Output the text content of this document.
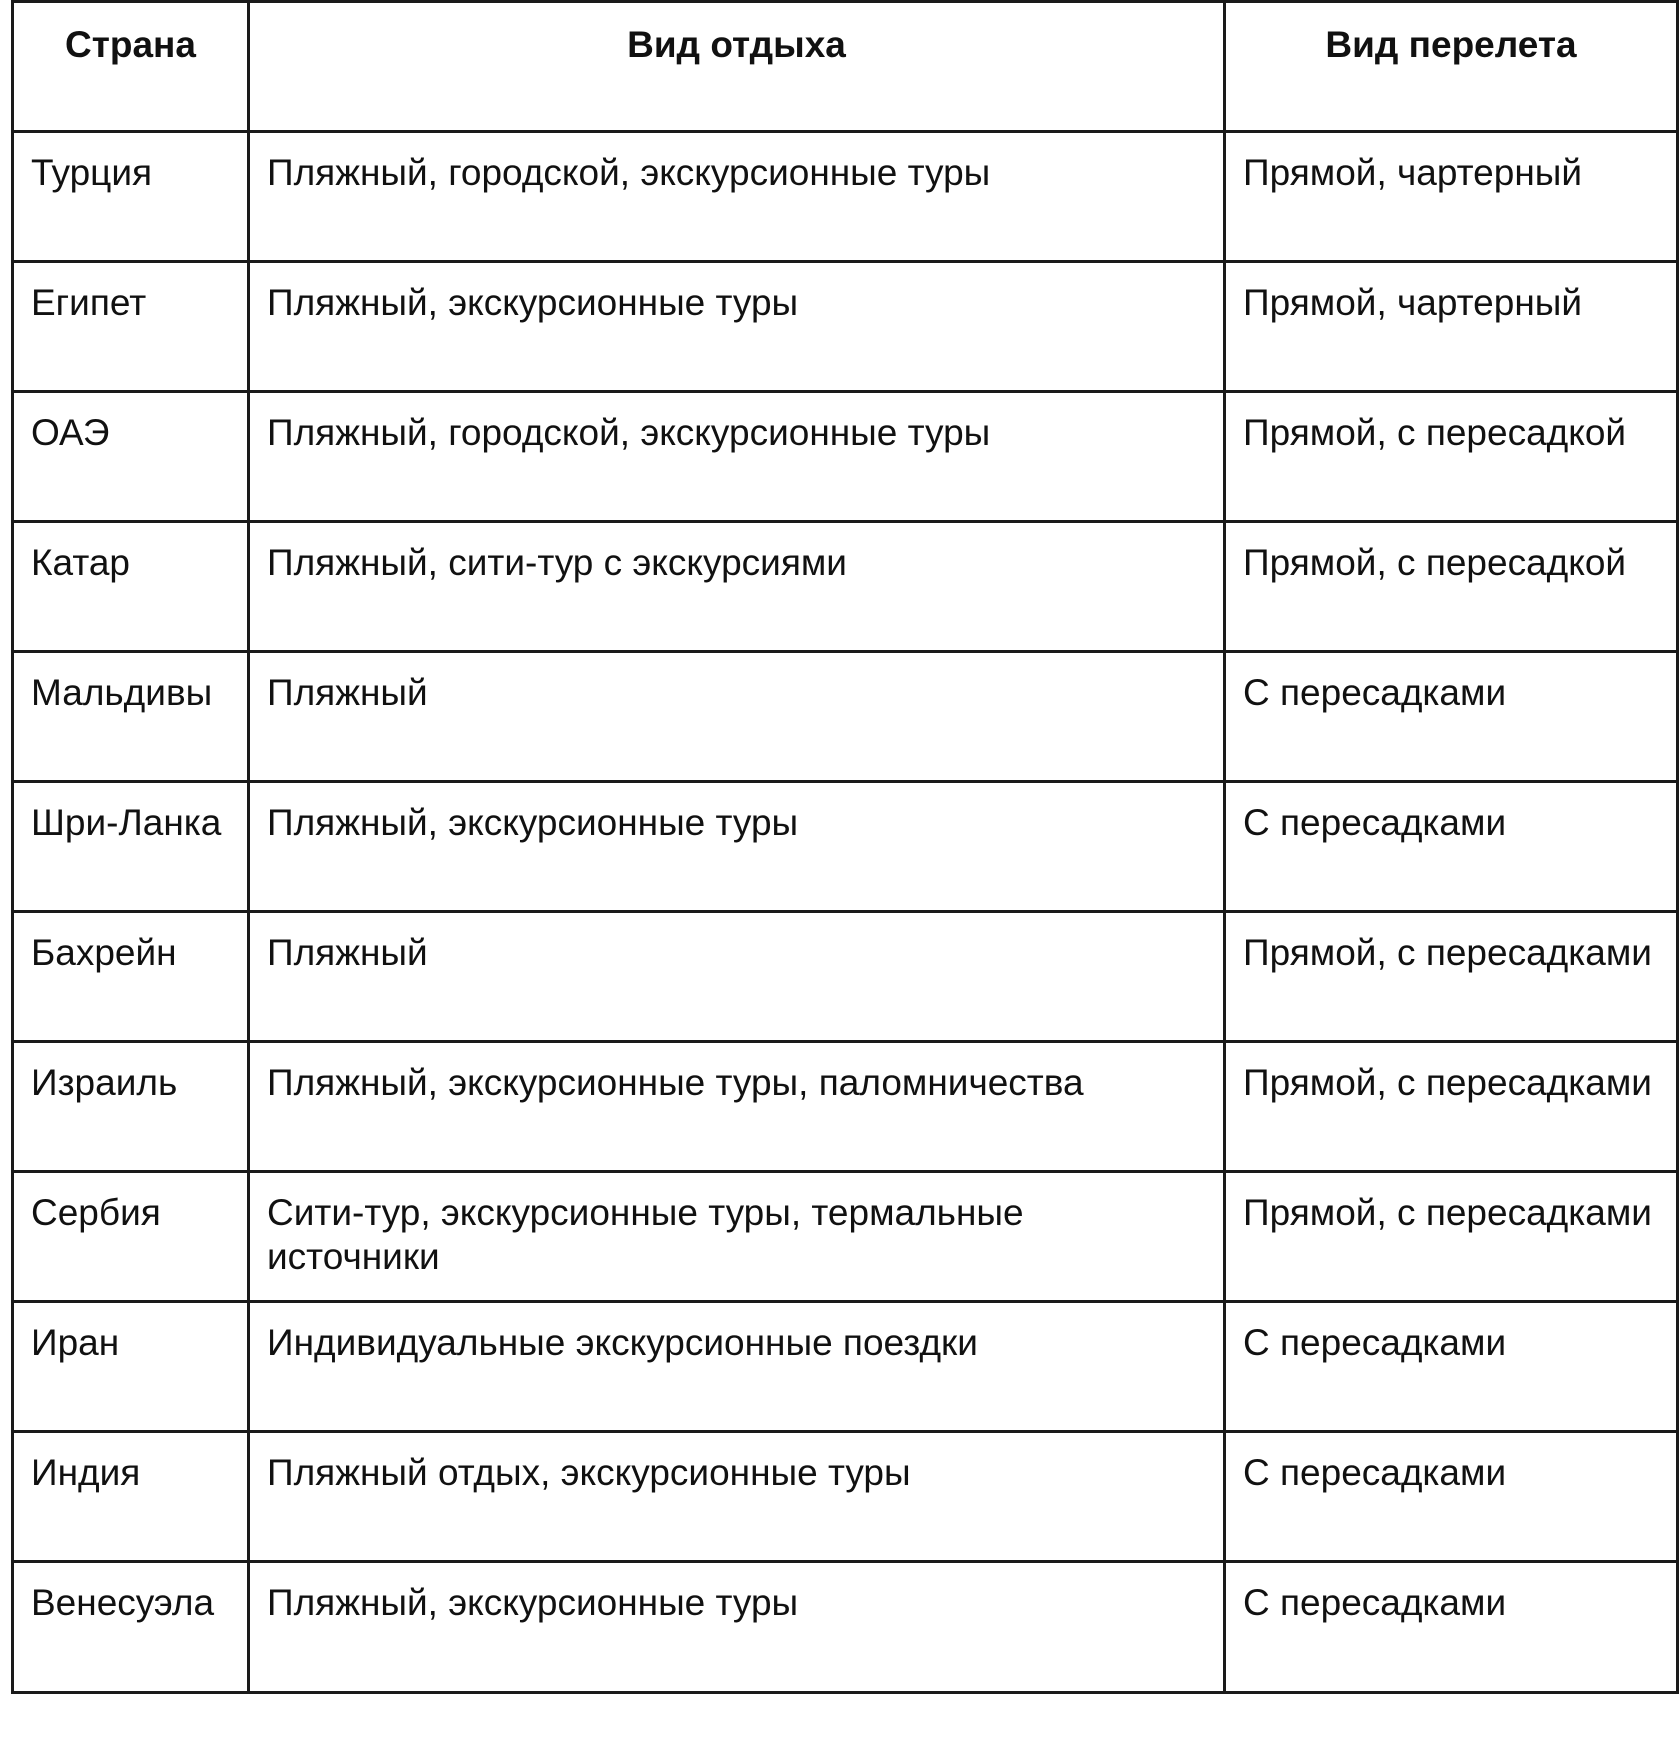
Страна	Вид отдыха	Вид перелета
Турция	Пляжный, городской, экскурсионные туры	Прямой, чартерный
Египет	Пляжный, экскурсионные туры	Прямой, чартерный
ОАЭ	Пляжный, городской, экскурсионные туры	Прямой, с пересадкой
Катар	Пляжный, сити-тур с экскурсиями	Прямой, с пересадкой
Мальдивы	Пляжный	С пересадками
Шри-Ланка	Пляжный, экскурсионные туры	С пересадками
Бахрейн	Пляжный	Прямой, с пересадками
Израиль	Пляжный, экскурсионные туры, паломничества	Прямой, с пересадками
Сербия	Сити-тур, экскурсионные туры, термальные источники	Прямой, с пересадками
Иран	Индивидуальные экскурсионные поездки	С пересадками
Индия	Пляжный отдых, экскурсионные туры	С пересадками
Венесуэла	Пляжный, экскурсионные туры	С пересадками
